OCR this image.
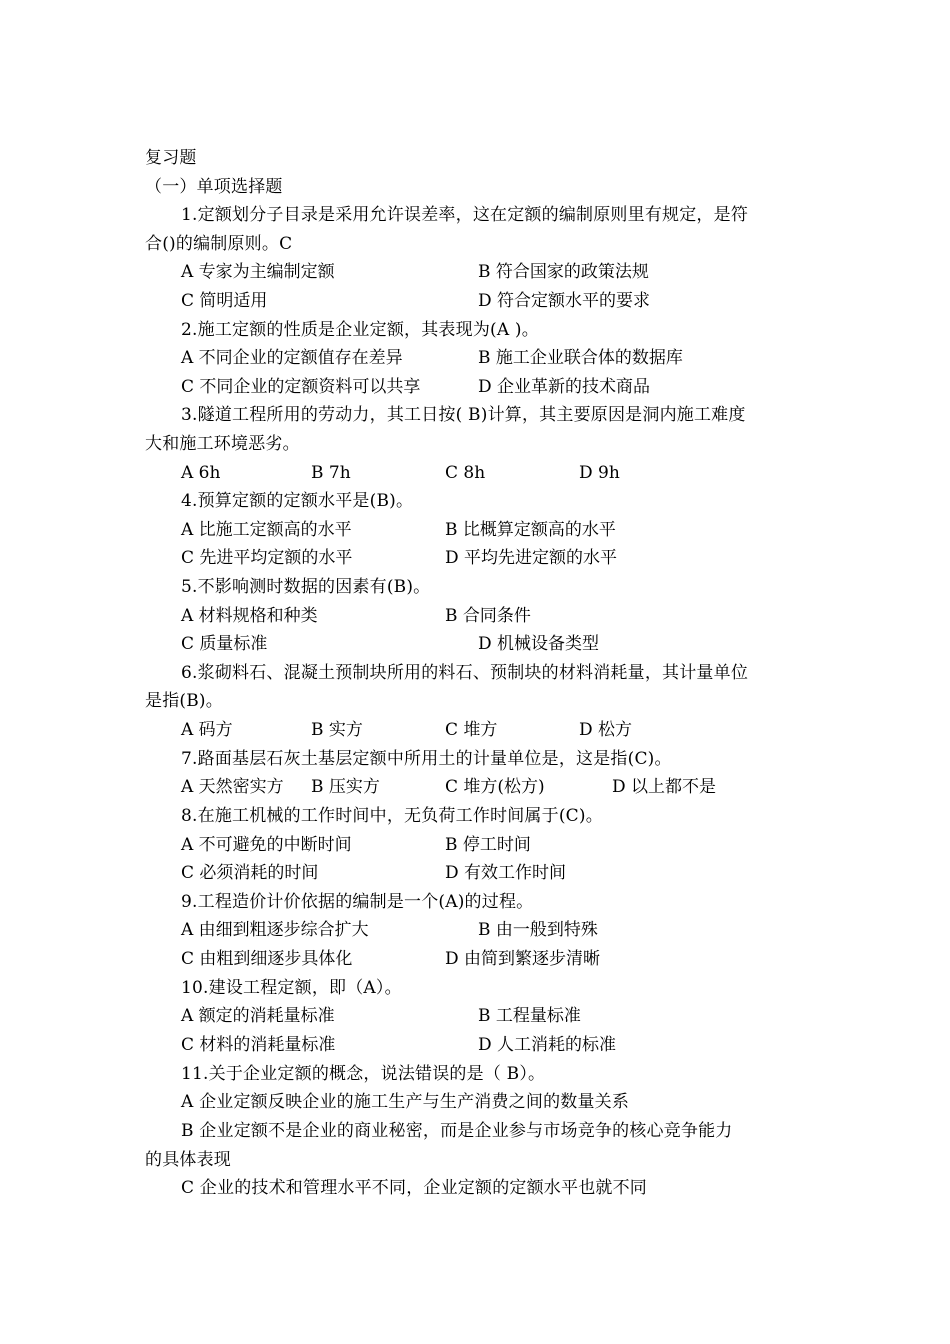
复习题
（一）单项选择题
1.定额划分子目录是采用允许误差率，这在定额的编制原则里有规定，是符
合()的编制原则。C
A 专家为主编制定额	B 符合国家的政策法规
C 简明适用	D 符合定额水平的要求
2.施工定额的性质是企业定额，其表现为(A )。
A 不同企业的定额值存在差异	B 施工企业联合体的数据库
C 不同企业的定额资料可以共享	D 企业革新的技术商品
3.隧道工程所用的劳动力，其工日按( B)计算，其主要原因是洞内施工难度
大和施工环境恶劣。
A 6h	B 7h	C 8h	D 9h
4.预算定额的定额水平是(B)。
A 比施工定额高的水平	B 比概算定额高的水平
C 先进平均定额的水平	D 平均先进定额的水平
5.不影响测时数据的因素有(B)。
A 材料规格和种类	B 合同条件
C 质量标准	D 机械设备类型
6.浆砌料石、混凝土预制块所用的料石、预制块的材料消耗量，其计量单位
是指(B)。
A 码方	B 实方	C 堆方	D 松方
7.路面基层石灰土基层定额中所用土的计量单位是，这是指(C)。
A 天然密实方 B 压实方	C 堆方(松方)	D 以上都不是
8.在施工机械的工作时间中，无负荷工作时间属于(C)。
A 不可避免的中断时间	B 停工时间
C 必须消耗的时间	D 有效工作时间
9.工程造价计价依据的编制是一个(A)的过程。
A 由细到粗逐步综合扩大	B 由一般到特殊
C 由粗到细逐步具体化	D 由简到繁逐步清晰
10.建设工程定额，即（A）。
A 额定的消耗量标准	B 工程量标准
C 材料的消耗量标准	D 人工消耗的标准
11.关于企业定额的概念，说法错误的是（ B）。
A 企业定额反映企业的施工生产与生产消费之间的数量关系
B 企业定额不是企业的商业秘密，而是企业参与市场竞争的核心竞争能力
的具体表现
C 企业的技术和管理水平不同，企业定额的定额水平也就不同
